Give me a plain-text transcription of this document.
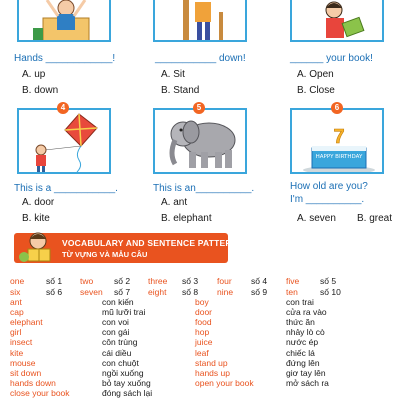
Hands ____________!	___________ down!	______ your book!
A. up
B. down
A. Sit
B. Stand
A. Open
B. Close
4	5
HAPPY BIRTHDAY
7
6
This is a ___________.	This is an__________.	How old are you?
I'm __________.
A. door
B. kite
A. ant
B. elephant	A. seven B. great
VOCABULARY AND SENTENCE PATTERNS
TỪ VỰNG VÀ MẪU CÂU
one	số 1 two số 2 three số 3 four số 4 five số 5
six	số 6 seven số 7 eight số 8 nine số 9 ten	số 10
ant	con kiến
cap	mũ lưỡi trai
elephant	con voi
girl	con gái
insect	côn trùng
kite	cái diều
mouse	con chuột
sit down	ngồi xuống
hands down	bỏ tay xuống
close your book	đóng sách lại
boy	con trai
door	cửa ra vào
food	thức ăn
hop	nhảy lò cò
juice	nước ép
leaf	chiếc lá
stand up	đứng lên
hands up	giơ tay lên
open your book	mở sách ra
